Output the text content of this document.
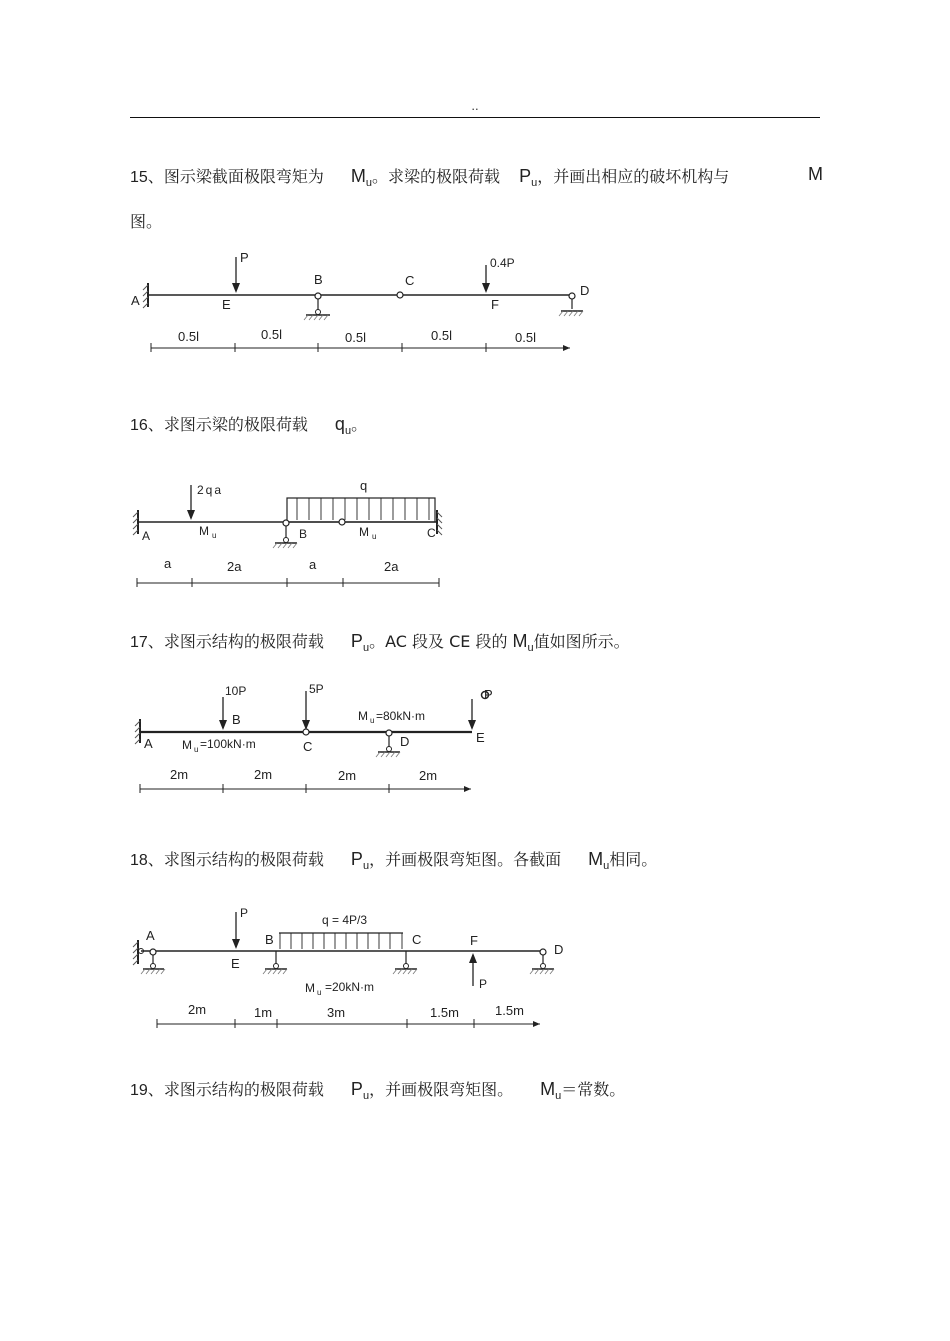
..
15、图示梁截面极限弯矩为 $M_u$。求梁的极限荷载 $P_u$，并画出相应的破坏机构与	M
图。
A	E
P
B	C
0.4P
F
D
0.5l	0.5l	0.5l	0.5l	0.5l
16、求图示梁的极限荷载 $q_u$。
2qa	q
A	M u	B	M u	C
a	2a	a	2a
17、求图示结构的极限荷载 $P_u$。AC 段及 CE 段的 $M_u$值如图所示。
10P
B
5P
C	D
P
E
A M u =100kN·m
M u =80kN·m
2m	2m	2m	2m
18、求图示结构的极限荷载 $P_u$，并画极限弯矩图。各截面 $M_u$相同。
A
P
E
B
q = 4P/3
C	F
P
D
M u =20kN·m
2m	1m	3m	1.5m	1.5m
19、求图示结构的极限荷载 $P_u$，并画极限弯矩图。 $M_u=$常数。
